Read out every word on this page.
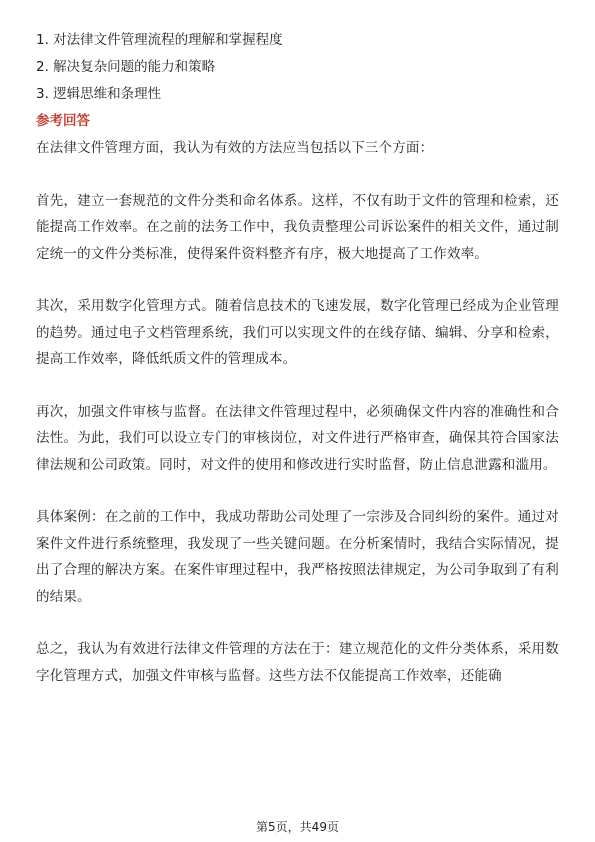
1. 对法律文件管理流程的理解和掌握程度
2. 解决复杂问题的能力和策略
3. 逻辑思维和条理性
参考回答

在法律文件管理方面，我认为有效的方法应当包括以下三个方面：

首先，建立一套规范的文件分类和命名体系。这样，不仅有助于文件的管理和检索，还能提高工作效率。在之前的法务工作中，我负责整理公司诉讼案件的相关文件，通过制定统一的文件分类标准，使得案件资料整齐有序，极大地提高了工作效率。

其次，采用数字化管理方式。随着信息技术的飞速发展，数字化管理已经成为企业管理的趋势。通过电子文档管理系统，我们可以实现文件的在线存储、编辑、分享和检索，提高工作效率，降低纸质文件的管理成本。

再次，加强文件审核与监督。在法律文件管理过程中，必须确保文件内容的准确性和合法性。为此，我们可以设立专门的审核岗位，对文件进行严格审查，确保其符合国家法律法规和公司政策。同时，对文件的使用和修改进行实时监督，防止信息泄露和滥用。

具体案例：在之前的工作中，我成功帮助公司处理了一宗涉及合同纠纷的案件。通过对案件文件进行系统整理，我发现了一些关键问题。在分析案情时，我结合实际情况，提出了合理的解决方案。在案件审理过程中，我严格按照法律规定，为公司争取到了有利的结果。

总之，我认为有效进行法律文件管理的方法在于：建立规范化的文件分类体系，采用数字化管理方式，加强文件审核与监督。这些方法不仅能提高工作效率，还能确

第5页，共49页
